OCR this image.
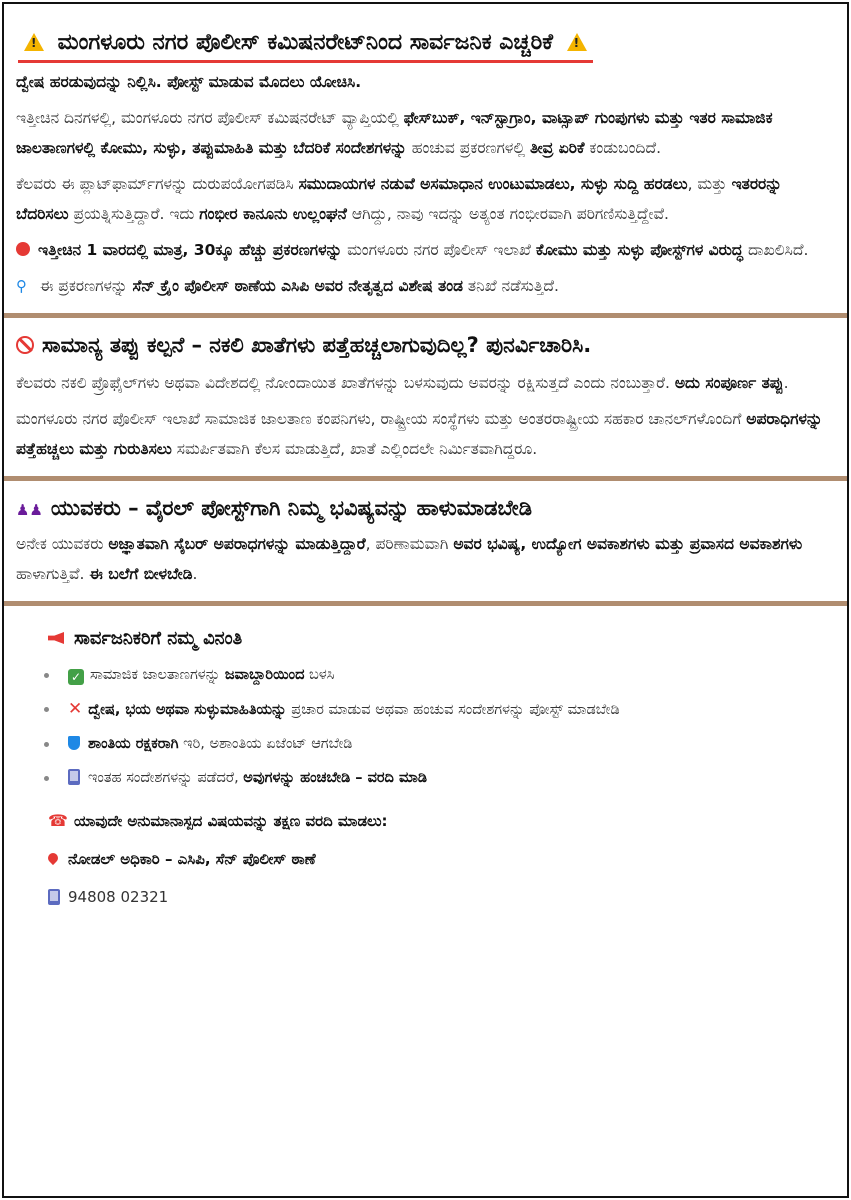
! ಮಂಗಳೂರು ನಗರ ಪೊಲೀಸ್ ಕಮಿಷನರೇಟ್‌ನಿಂದ ಸಾರ್ವಜನಿಕ ಎಚ್ಚರಿಕೆ !

ದ್ವೇಷ ಹರಡುವುದನ್ನು ನಿಲ್ಲಿಸಿ. ಪೋಸ್ಟ್ ಮಾಡುವ ಮೊದಲು ಯೋಚಿಸಿ.

ಇತ್ತೀಚಿನ ದಿನಗಳಲ್ಲಿ, ಮಂಗಳೂರು ನಗರ ಪೊಲೀಸ್ ಕಮಿಷನರೇಟ್ ವ್ಯಾಪ್ತಿಯಲ್ಲಿ ಫೇಸ್‌ಬುಕ್, ಇನ್‌ಸ್ಟಾಗ್ರಾಂ, ವಾಟ್ಸಾಪ್ ಗುಂಪುಗಳು ಮತ್ತು ಇತರ ಸಾಮಾಜಿಕ ಜಾಲತಾಣಗಳಲ್ಲಿ ಕೋಮು, ಸುಳ್ಳು, ತಪ್ಪುಮಾಹಿತಿ ಮತ್ತು ಬೆದರಿಕೆ ಸಂದೇಶಗಳನ್ನು ಹಂಚುವ ಪ್ರಕರಣಗಳಲ್ಲಿ ತೀವ್ರ ಏರಿಕೆ ಕಂಡುಬಂದಿದೆ.

ಕೆಲವರು ಈ ಪ್ಲಾಟ್‌ಫಾರ್ಮ್‌ಗಳನ್ನು ದುರುಪಯೋಗಪಡಿಸಿ ಸಮುದಾಯಗಳ ನಡುವೆ ಅಸಮಾಧಾನ ಉಂಟುಮಾಡಲು, ಸುಳ್ಳು ಸುದ್ದಿ ಹರಡಲು, ಮತ್ತು ಇತರರನ್ನು ಬೆದರಿಸಲು ಪ್ರಯತ್ನಿಸುತ್ತಿದ್ದಾರೆ. ಇದು ಗಂಭೀರ ಕಾನೂನು ಉಲ್ಲಂಘನೆ ಆಗಿದ್ದು, ನಾವು ಇದನ್ನು ಅತ್ಯಂತ ಗಂಭೀರವಾಗಿ ಪರಿಗಣಿಸುತ್ತಿದ್ದೇವೆ.

ಇತ್ತೀಚಿನ 1 ವಾರದಲ್ಲಿ ಮಾತ್ರ, 30ಕ್ಕೂ ಹೆಚ್ಚು ಪ್ರಕರಣಗಳನ್ನು ಮಂಗಳೂರು ನಗರ ಪೊಲೀಸ್ ಇಲಾಖೆ ಕೋಮು ಮತ್ತು ಸುಳ್ಳು ಪೋಸ್ಟ್‌ಗಳ ವಿರುದ್ಧ ದಾಖಲಿಸಿದೆ.

⚲ ಈ ಪ್ರಕರಣಗಳನ್ನು ಸೆನ್ ಕ್ರೈಂ ಪೊಲೀಸ್ ಠಾಣೆಯ ಎಸಿಪಿ ಅವರ ನೇತೃತ್ವದ ವಿಶೇಷ ತಂಡ ತನಿಖೆ ನಡೆಸುತ್ತಿದೆ.

ಸಾಮಾನ್ಯ ತಪ್ಪು ಕಲ್ಪನೆ – ನಕಲಿ ಖಾತೆಗಳು ಪತ್ತೆಹಚ್ಚಲಾಗುವುದಿಲ್ಲ? ಪುನರ್ವಿಚಾರಿಸಿ.

ಕೆಲವರು ನಕಲಿ ಪ್ರೊಫೈಲ್‌ಗಳು ಅಥವಾ ವಿದೇಶದಲ್ಲಿ ನೋಂದಾಯಿತ ಖಾತೆಗಳನ್ನು ಬಳಸುವುದು ಅವರನ್ನು ರಕ್ಷಿಸುತ್ತದೆ ಎಂದು ನಂಬುತ್ತಾರೆ. ಅದು ಸಂಪೂರ್ಣ ತಪ್ಪು.

ಮಂಗಳೂರು ನಗರ ಪೊಲೀಸ್ ಇಲಾಖೆ ಸಾಮಾಜಿಕ ಜಾಲತಾಣ ಕಂಪನಿಗಳು, ರಾಷ್ಟ್ರೀಯ ಸಂಸ್ಥೆಗಳು ಮತ್ತು ಅಂತರರಾಷ್ಟ್ರೀಯ ಸಹಕಾರ ಚಾನಲ್‌ಗಳೊಂದಿಗೆ ಅಪರಾಧಿಗಳನ್ನು ಪತ್ತೆಹಚ್ಚಲು ಮತ್ತು ಗುರುತಿಸಲು ಸಮರ್ಪಿತವಾಗಿ ಕೆಲಸ ಮಾಡುತ್ತಿದೆ, ಖಾತೆ ಎಲ್ಲಿಂದಲೇ ನಿರ್ಮಿತವಾಗಿದ್ದರೂ.

♟♟ ಯುವಕರು – ವೈರಲ್ ಪೋಸ್ಟ್‌ಗಾಗಿ ನಿಮ್ಮ ಭವಿಷ್ಯವನ್ನು ಹಾಳುಮಾಡಬೇಡಿ

ಅನೇಕ ಯುವಕರು ಅಜ್ಞಾತವಾಗಿ ಸೈಬರ್ ಅಪರಾಧಗಳನ್ನು ಮಾಡುತ್ತಿದ್ದಾರೆ, ಪರಿಣಾಮವಾಗಿ ಅವರ ಭವಿಷ್ಯ, ಉದ್ಯೋಗ ಅವಕಾಶಗಳು ಮತ್ತು ಪ್ರವಾಸದ ಅವಕಾಶಗಳು ಹಾಳಾಗುತ್ತಿವೆ. ಈ ಬಲೆಗೆ ಬೀಳಬೇಡಿ.

ಸಾರ್ವಜನಿಕರಿಗೆ ನಮ್ಮ ವಿನಂತಿ
✓ ಸಾಮಾಜಿಕ ಜಾಲತಾಣಗಳನ್ನು ಜವಾಬ್ದಾರಿಯಿಂದ ಬಳಸಿ
✕ ದ್ವೇಷ, ಭಯ ಅಥವಾ ಸುಳ್ಳುಮಾಹಿತಿಯನ್ನು ಪ್ರಚಾರ ಮಾಡುವ ಅಥವಾ ಹಂಚುವ ಸಂದೇಶಗಳನ್ನು ಪೋಸ್ಟ್ ಮಾಡಬೇಡಿ
ಶಾಂತಿಯ ರಕ್ಷಕರಾಗಿ ಇರಿ, ಅಶಾಂತಿಯ ಏಜೆಂಟ್ ಆಗಬೇಡಿ
ಇಂತಹ ಸಂದೇಶಗಳನ್ನು ಪಡೆದರೆ, ಅವುಗಳನ್ನು ಹಂಚಬೇಡಿ – ವರದಿ ಮಾಡಿ
☎ ಯಾವುದೇ ಅನುಮಾನಾಸ್ಪದ ವಿಷಯವನ್ನು ತಕ್ಷಣ ವರದಿ ಮಾಡಲು:
ನೋಡಲ್ ಅಧಿಕಾರಿ – ಎಸಿಪಿ, ಸೆನ್ ಪೊಲೀಸ್ ಠಾಣೆ
94808 02321
